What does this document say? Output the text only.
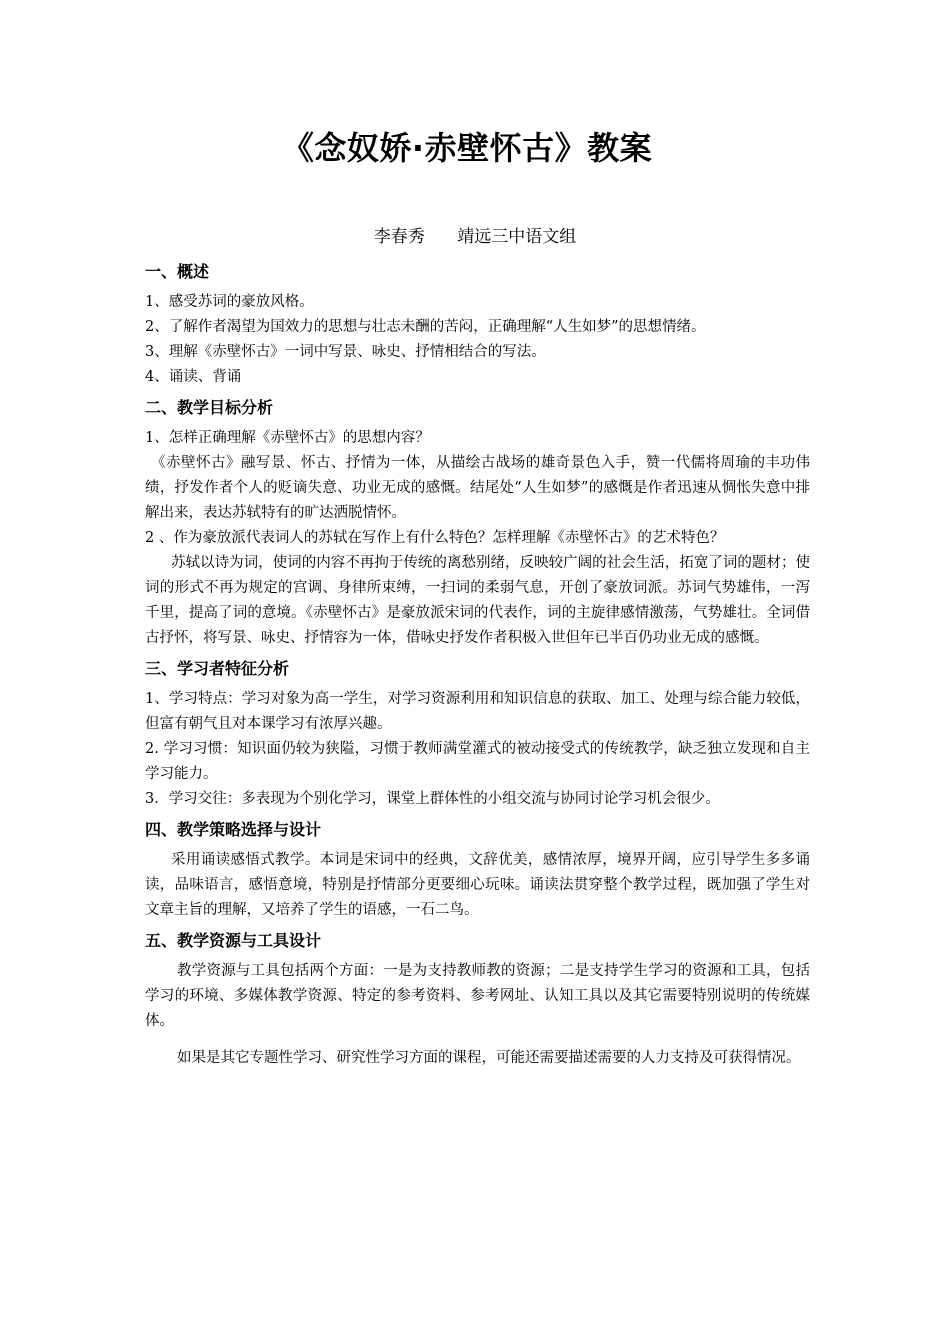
《念奴娇·赤壁怀古》教案
李春秀      靖远三中语文组
一、概述

1、感受苏词的豪放风格。

2、了解作者渴望为国效力的思想与壮志未酬的苦闷，正确理解“人生如梦”的思想情绪。

3、理解《赤壁怀古》一词中写景、咏史、抒情相结合的写法。

4、诵读、背诵

二、教学目标分析

1、怎样正确理解《赤壁怀古》的思想内容？

《赤壁怀古》融写景、怀古、抒情为一体，从描绘古战场的雄奇景色入手，赞一代儒将周瑜的丰功伟绩，抒发作者个人的贬谪失意、功业无成的感慨。结尾处“人生如梦”的感慨是作者迅速从惆怅失意中排解出来，表达苏轼特有的旷达洒脱情怀。

2 、作为豪放派代表词人的苏轼在写作上有什么特色？怎样理解《赤壁怀古》的艺术特色？

苏轼以诗为词，使词的内容不再拘于传统的离愁别绪，反映较广阔的社会生活，拓宽了词的题材；使词的形式不再为规定的宫调、身律所束缚，一扫词的柔弱气息，开创了豪放词派。苏词气势雄伟，一泻千里，提高了词的意境。《赤壁怀古》是豪放派宋词的代表作，词的主旋律感情激荡，气势雄壮。全词借古抒怀，将写景、咏史、抒情容为一体，借咏史抒发作者积极入世但年已半百仍功业无成的感慨。

三、学习者特征分析

1、学习特点：学习对象为高一学生，对学习资源利用和知识信息的获取、加工、处理与综合能力较低，但富有朝气且对本课学习有浓厚兴趣。

2. 学习习惯：知识面仍较为狭隘，习惯于教师满堂灌式的被动接受式的传统教学，缺乏独立发现和自主学习能力。

3．学习交往：多表现为个别化学习，课堂上群体性的小组交流与协同讨论学习机会很少。

四、教学策略选择与设计

采用诵读感悟式教学。本词是宋词中的经典，文辞优美，感情浓厚，境界开阔，应引导学生多多诵读，品味语言，感悟意境，特别是抒情部分更要细心玩味。诵读法贯穿整个教学过程，既加强了学生对文章主旨的理解，又培养了学生的语感，一石二鸟。

五、教学资源与工具设计

教学资源与工具包括两个方面：一是为支持教师教的资源；二是支持学生学习的资源和工具，包括学习的环境、多媒体教学资源、特定的参考资料、参考网址、认知工具以及其它需要特别说明的传统媒体。

如果是其它专题性学习、研究性学习方面的课程，可能还需要描述需要的人力支持及可获得情况。
